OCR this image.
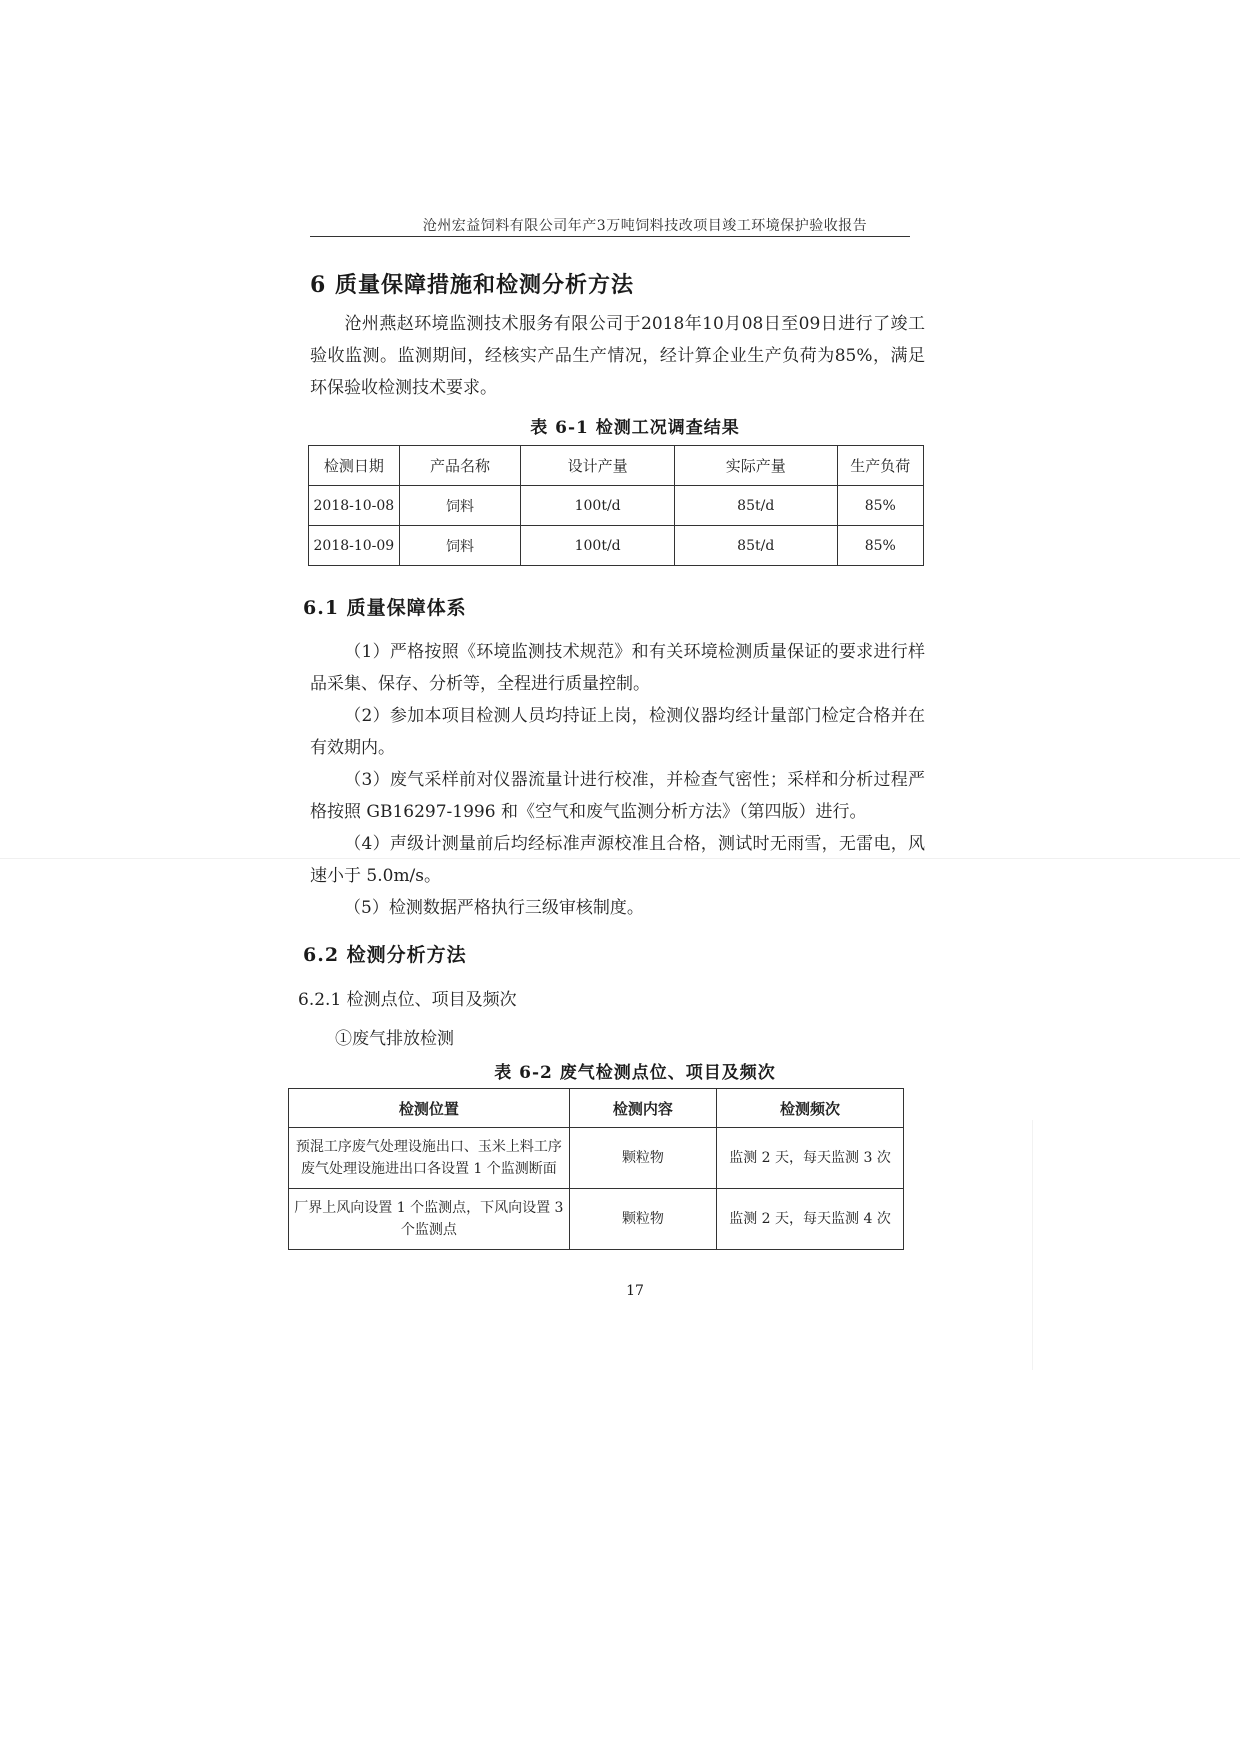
沧州宏益饲料有限公司年产3万吨饲料技改项目竣工环境保护验收报告
6 质量保障措施和检测分析方法
沧州燕赵环境监测技术服务有限公司于2018年10月08日至09日进行了竣工验收监测。监测期间，经核实产品生产情况，经计算企业生产负荷为85%，满足环保验收检测技术要求。
表 6-1 检测工况调查结果
检测日期	产品名称	设计产量	实际产量	生产负荷
2018-10-08	饲料	100t/d	85t/d	85%
2018-10-09	饲料	100t/d	85t/d	85%
6.1 质量保障体系
（1）严格按照《环境监测技术规范》和有关环境检测质量保证的要求进行样品采集、保存、分析等，全程进行质量控制。
（2）参加本项目检测人员均持证上岗，检测仪器均经计量部门检定合格并在有效期内。
（3）废气采样前对仪器流量计进行校准，并检查气密性；采样和分析过程严格按照 GB16297-1996 和《空气和废气监测分析方法》（第四版）进行。
（4）声级计测量前后均经标准声源校准且合格，测试时无雨雪，无雷电，风速小于 5.0m/s。
（5）检测数据严格执行三级审核制度。
6.2 检测分析方法
6.2.1 检测点位、项目及频次
①废气排放检测
表 6-2 废气检测点位、项目及频次
检测位置	检测内容	检测频次
预混工序废气处理设施出口、玉米上料工序废气处理设施进出口各设置 1 个监测断面	颗粒物	监测 2 天，每天监测 3 次
厂界上风向设置 1 个监测点，下风向设置 3 个监测点	颗粒物	监测 2 天，每天监测 4 次
17
